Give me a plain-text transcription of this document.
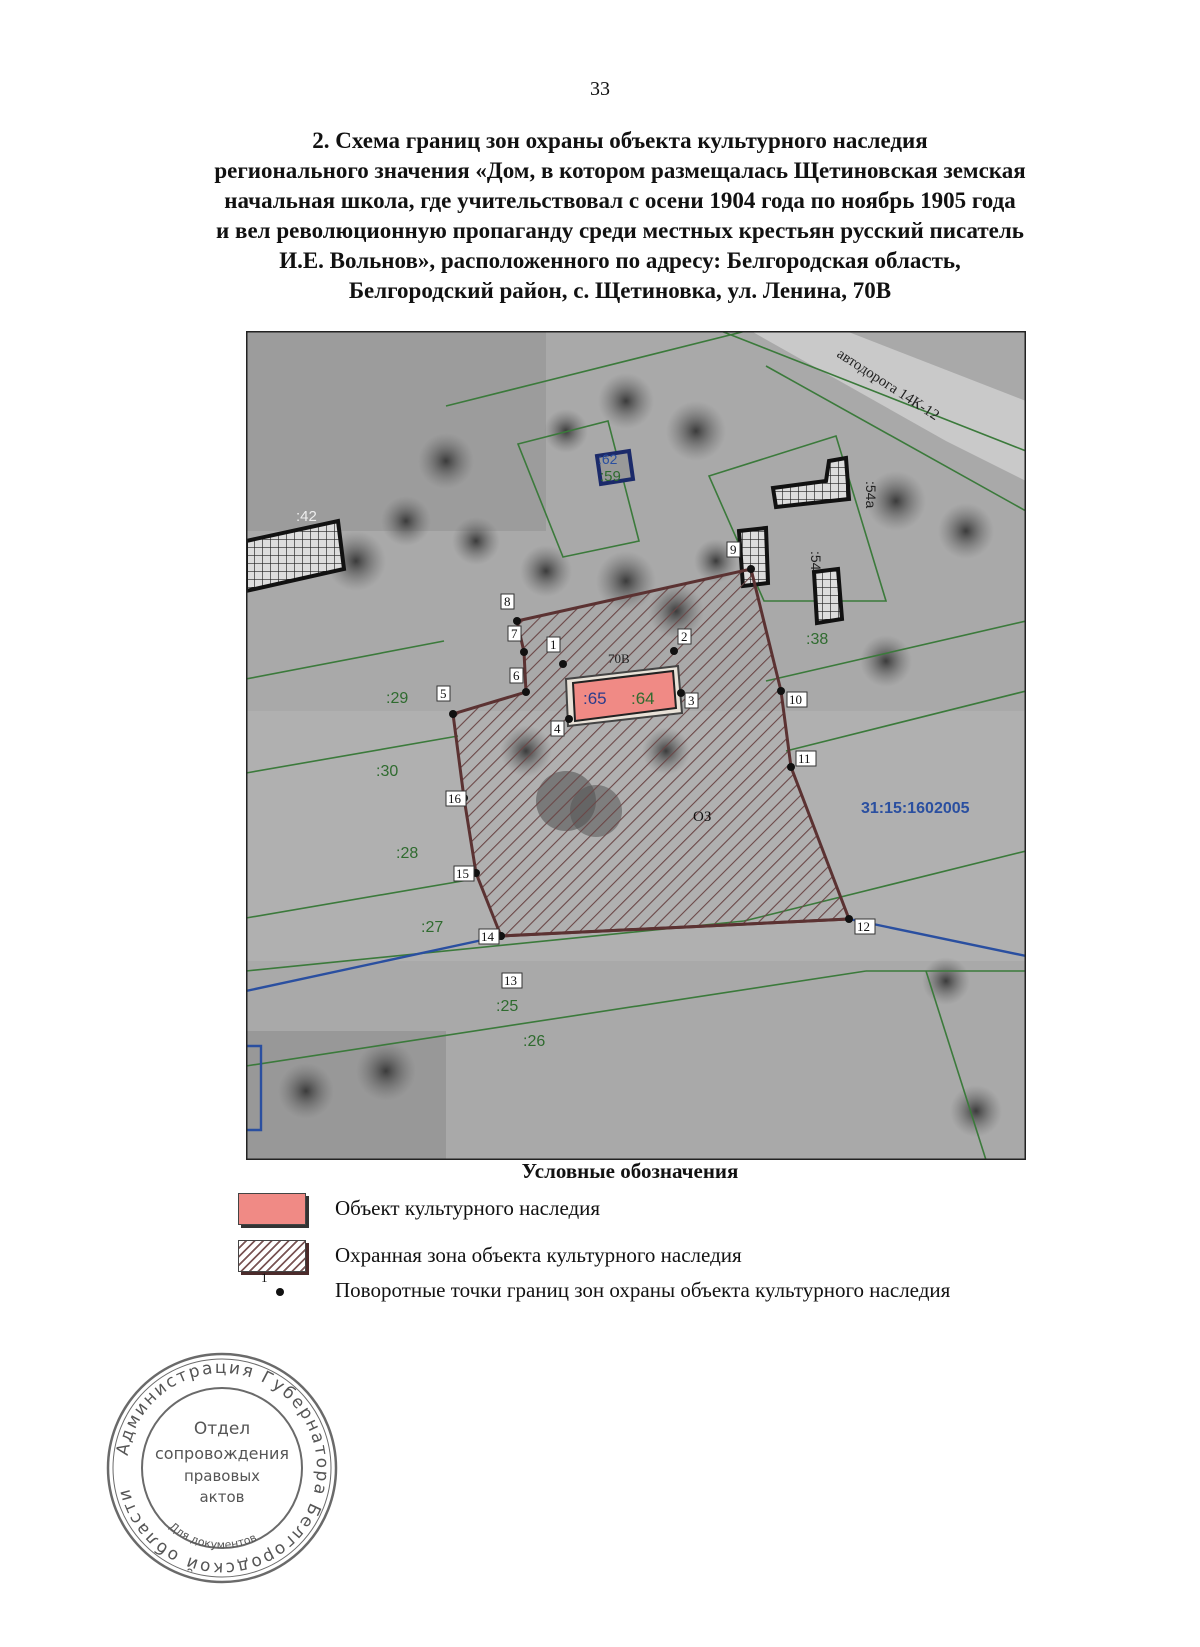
33
2. Схема границ зон охраны объекта культурного наследия
регионального значения «Дом, в котором размещалась Щетиновская земская
начальная школа, где учительствовал с осени 1904 года по ноябрь 1905 года
и вел революционную пропаганду среди местных крестьян русский писатель
И.Е. Вольнов», расположенного по адресу: Белгородская область,
Белгородский район, с. Щетиновка, ул. Ленина, 70В
1
2
3
4
5
6
7
8
9
10
11
12
13
14
15
16
:42
:62
:59
:54а
:54
:38
:29
:30
:28
:27
:25
:26
:65 :64
70В
ОЗ	31:15:1602005
автодорога 14К-12
Условные обозначения
Объект культурного наследия
Охранная зона объекта культурного наследия
1
Поворотные точки границ зон охраны объекта культурного наследия
Администрация Губернатора Белгородской области
Для документов
Отдел
сопровождения
правовых
актов
